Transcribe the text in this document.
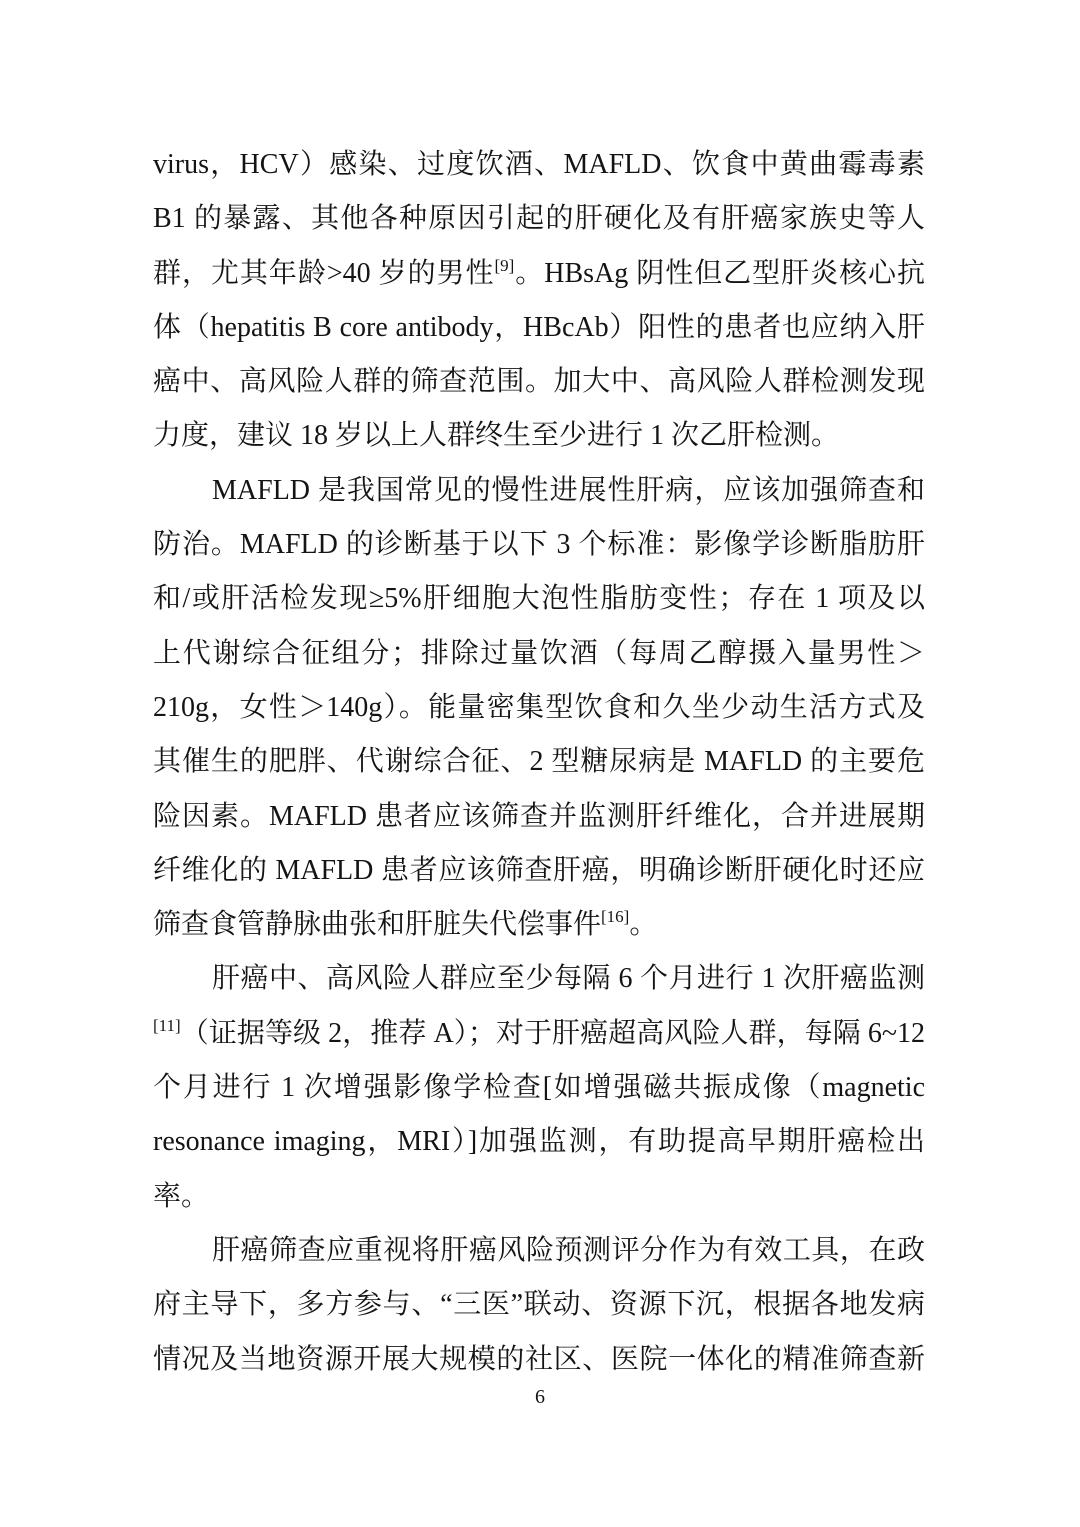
virus，HCV）感染、过度饮酒、MAFLD、饮食中黄曲霉毒素
B1 的暴露、其他各种原因引起的肝硬化及有肝癌家族史等人
群，尤其年龄>40 岁的男性[9]。HBsAg 阴性但乙型肝炎核心抗
体（hepatitis B core antibody，HBcAb）阳性的患者也应纳入肝
癌中、高风险人群的筛查范围。加大中、高风险人群检测发现
力度，建议 18 岁以上人群终生至少进行 1 次乙肝检测。
MAFLD 是我国常见的慢性进展性肝病，应该加强筛查和
防治。MAFLD 的诊断基于以下 3 个标准：影像学诊断脂肪肝
和/或肝活检发现≥5%肝细胞大泡性脂肪变性；存在 1 项及以
上代谢综合征组分；排除过量饮酒（每周乙醇摄入量男性＞
210g，女性＞140g）。能量密集型饮食和久坐少动生活方式及
其催生的肥胖、代谢综合征、2 型糖尿病是 MAFLD 的主要危
险因素。MAFLD 患者应该筛查并监测肝纤维化，合并进展期
纤维化的 MAFLD 患者应该筛查肝癌，明确诊断肝硬化时还应
筛查食管静脉曲张和肝脏失代偿事件[16]。
肝癌中、高风险人群应至少每隔 6 个月进行 1 次肝癌监测
[11]（证据等级 2，推荐 A）；对于肝癌超高风险人群，每隔 6~12
个月进行 1 次增强影像学检查[如增强磁共振成像（magnetic
resonance imaging，MRI）]加强监测，有助提高早期肝癌检出
率。
肝癌筛查应重视将肝癌风险预测评分作为有效工具，在政
府主导下，多方参与、“三医”联动、资源下沉，根据各地发病
情况及当地资源开展大规模的社区、医院一体化的精准筛查新
6
